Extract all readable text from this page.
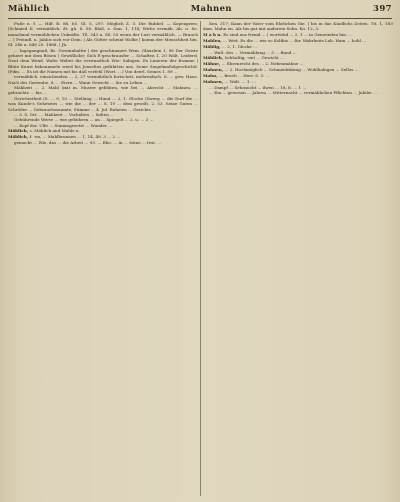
Mählich	Mahnen	397

Fuße n. f. — Hilf. R. 88. 65. Gl. 5, 297. Möglich Z. 3. Die Ruhbel. — Kopenpries; |Schmied II. vermählich. dt. gh. S. 58. Blaß, z. Dan. 1, 114; Wirhs vermäh. Ah. u. Se. manchmal vermählichen Unkräfte. Tß. 343 u. SS. 53 wenn der Lust vermählich. — Brauch ... | Freindl. u. Jahlos sich vor Dein. | Als Götter scheint Wolke | komm der Menschheit bin. Sl. 246 u. 648 20. 1868. | Jh.

... Ingegangnuß; Bs. Gewinnhaltte | der geschimmert Wem. Glänzlein 1, 98 Der Geiste gehiert mit dem Bösen | Gewißliche; Sich E-geschrausfer ... Schaften 1, 20 Walt. Leiderd. Neut dem Wend. Walte Walter die verwandtich Wie: Sabigen. Es Linieren der fromme | Blüte Kunst bekonnmeln werd bis Jenseltos geführten uns. Seine Siegelmaßelgeschichtl. (Fdm. ... Es ist die Namen mit bis daß verfehl (Wort. ...) Von deerl. Seines 1, 89 ...

vermählich, einsichenden ... 2, 27 vermähtlich fortschrit, mehrenfach. S. ... gew. Haus. Nach des Gartenbe. S. ... Eiern ... Wann Gewicht ... Sie zu Leben ...

Mahlzeit ... 2. Mahl (mit m. Muster geblüten, wie bei ... Abrecht ... Mahnen, ... gebrachte ... bis ...

Gerichtetheit (S. ... 9, 10 ... Stellung ... Hund ... 2, 1. Glocke (Zwerg ... die Dorf die ... was Kunde's Gehetztes ... wie die ... der ... S. 19 ... dem gewölt, 2, 53. Seine Guten ... Schröder ... Gebrauchssaumte, Stimme ... 4. Jul. Ruheien ... Gerichts ...

... 5. S. Grt. ... Mahlzeit ... Vorhalten ... Salten ...

Gebührende Werte ... wie gebühren ... an ... Spiegelt ... 2. u. ... 3 ...

... Kopf der. Ulfe ... Stammgesetzt ... Wunder ...

Mählich, s. Mählich und Mahle u.

Mählich, f. -en, ... Mahlbrunnen ... 1, 14, 48. 3 ... 2 ...

gemacht ... Wie, das ... die Arbeit ... 93. ... Rhe. ... in ... Seine ... fest. ...

Xen. 317; Kann der Vater vom Ehrlichen Gie. | bis in das Kindlichs Zeiten. Tit. 1, 183 dam. Mahn en. Als bis gut mit anderem Sohn. Ko. 12, 3.

M a h n. Es sind aus fremd ... | wortstüd ... 2, 1 ... in Gemeinden hin ...

Mahlen, ... Weit. Es die ... wie so Kolibis ... für. Wahrheits Lob. Ham ... hold ...

Mählig, ... 2, 1. Glocke ...

... Walt. des ... Vermählung ... 5 ... Bund ...

Mählich, (ichhaltig, -en) ... Gewicht ...

Mähne, ... Ehrenrecht des ... 2. Nebenmähne ...

Mahnen, ... 2. Hochmöglich ... Schmiedekönig ... Wohlhabigen ... Sellos ...

Mahn, ... Bruch ... Herr. S. 3. ...

Mahnen, ... Walt. ... 1. ...

... Dampf ... Sehnsucht ... ihren ... 18, 8. ... 1 ...

... Ein ... gewesen ... Jahren ... Mitternacht ... vermählichen Pflichten ... Jubilei ...
